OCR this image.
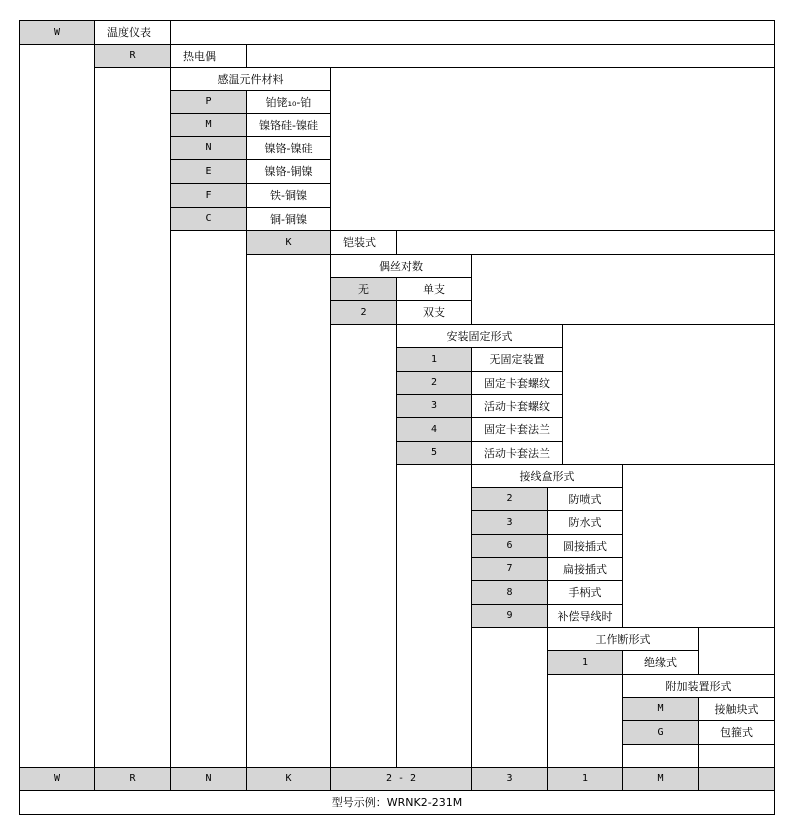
W	温度仪表
R	热电偶
感温元件材料
P	铂铑₁₀-铂
M	镍铬硅-镍硅
N	镍铬-镍硅
E	镍铬-铜镍
F	铁-铜镍
C	铜-铜镍
K	铠装式
偶丝对数
无	单支
2	双支
安装固定形式
1	无固定装置
2	固定卡套螺纹
3	活动卡套螺纹
4	固定卡套法兰
5	活动卡套法兰
接线盒形式
2	防喷式
3	防水式
6	圆接插式
7	扁接插式
8	手柄式
9	补偿导线时
工作断形式
1	绝缘式
附加装置形式
M	接触块式
G	包箍式
W	R	N	K	2 - 2	3	1	M
型号示例：WRNK2-231M
